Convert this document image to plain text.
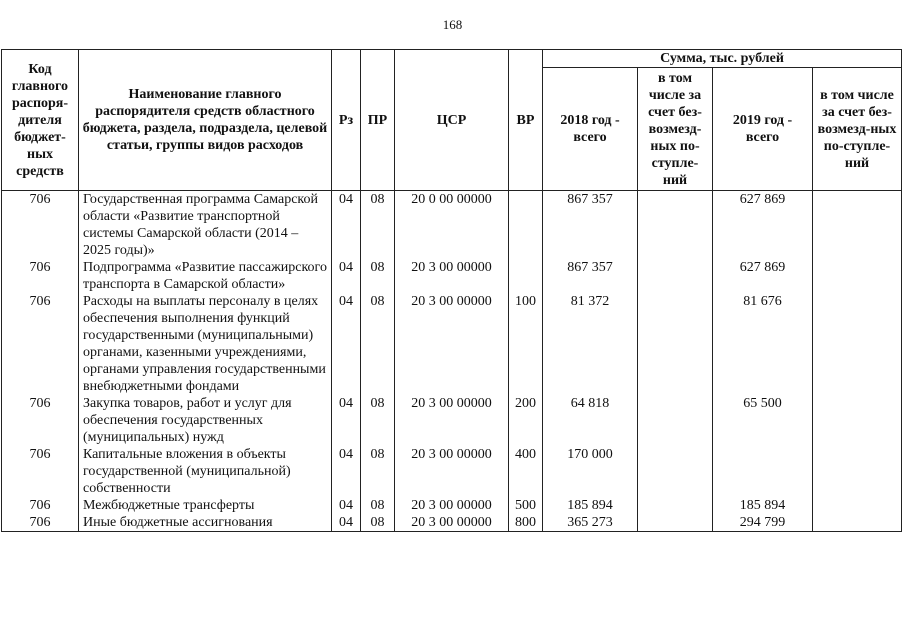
168
Код главного распоря-дителя бюджет-ных средств	Наименование главного распорядителя средств областного бюджета, раздела, подраздела, целевой статьи, группы видов расходов	Рз	ПР	ЦСР	ВР	Сумма, тыс. рублей			
						2018 год - всего	в том числе за счет без-возмезд-ных по-ступле-ний	2019 год - всего	в том числе за счет без-возмезд-ных по-ступле-ний
706	Государственная программа Самарской области «Развитие транспортной системы Самарской области (2014 – 2025 годы)»	04	08	20 0 00 00000		867 357		627 869	
706	Подпрограмма «Развитие пассажирского транспорта в Самарской области»	04	08	20 3 00 00000		867 357		627 869	
706	Расходы на выплаты персоналу в целях обеспечения выполнения функций государственными (муниципальными) органами, казенными учреждениями, органами управления государственными внебюджетными фондами	04	08	20 3 00 00000	100	81 372		81 676	
706	Закупка товаров, работ и услуг для обеспечения государственных (муниципальных) нужд	04	08	20 3 00 00000	200	64 818		65 500	
706	Капитальные вложения в объекты государственной (муниципальной) собственности	04	08	20 3 00 00000	400	170 000			
706	Межбюджетные трансферты	04	08	20 3 00 00000	500	185 894		185 894	
706	Иные бюджетные ассигнования	04	08	20 3 00 00000	800	365 273		294 799	
